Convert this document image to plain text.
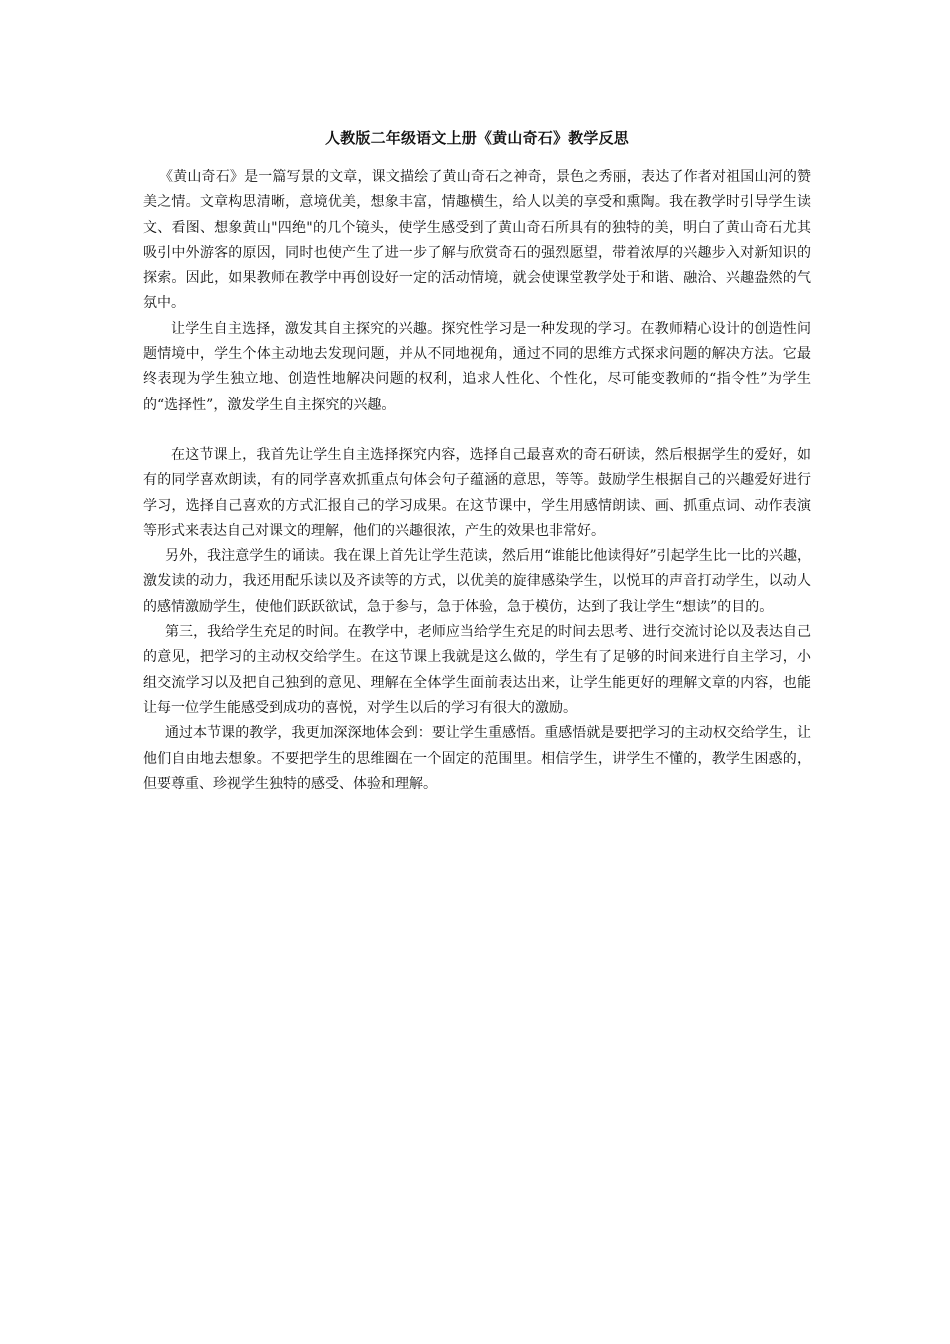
人教版二年级语文上册《黄山奇石》教学反思

《黄山奇石》是一篇写景的文章，课文描绘了黄山奇石之神奇，景色之秀丽，表达了作者对祖国山河的赞美之情。文章构思清晰，意境优美，想象丰富，情趣横生，给人以美的享受和熏陶。我在教学时引导学生读文、看图、想象黄山"四绝"的几个镜头，使学生感受到了黄山奇石所具有的独特的美，明白了黄山奇石尤其吸引中外游客的原因，同时也使产生了进一步了解与欣赏奇石的强烈愿望，带着浓厚的兴趣步入对新知识的探索。因此，如果教师在教学中再创设好一定的活动情境，就会使课堂教学处于和谐、融洽、兴趣盎然的气氛中。

让学生自主选择，激发其自主探究的兴趣。探究性学习是一种发现的学习。在教师精心设计的创造性问题情境中，学生个体主动地去发现问题，并从不同地视角，通过不同的思维方式探求问题的解决方法。它最终表现为学生独立地、创造性地解决问题的权利，追求人性化、个性化，尽可能变教师的“指令性”为学生的“选择性”，激发学生自主探究的兴趣。

在这节课上，我首先让学生自主选择探究内容，选择自己最喜欢的奇石研读，然后根据学生的爱好，如有的同学喜欢朗读，有的同学喜欢抓重点句体会句子蕴涵的意思，等等。鼓励学生根据自己的兴趣爱好进行学习，选择自己喜欢的方式汇报自己的学习成果。在这节课中，学生用感情朗读、画、抓重点词、动作表演等形式来表达自己对课文的理解，他们的兴趣很浓，产生的效果也非常好。

另外，我注意学生的诵读。我在课上首先让学生范读，然后用“谁能比他读得好”引起学生比一比的兴趣，激发读的动力，我还用配乐读以及齐读等的方式，以优美的旋律感染学生，以悦耳的声音打动学生，以动人的感情激励学生，使他们跃跃欲试，急于参与，急于体验，急于模仿，达到了我让学生“想读”的目的。

第三，我给学生充足的时间。在教学中，老师应当给学生充足的时间去思考、进行交流讨论以及表达自己的意见，把学习的主动权交给学生。在这节课上我就是这么做的，学生有了足够的时间来进行自主学习，小组交流学习以及把自己独到的意见、理解在全体学生面前表达出来，让学生能更好的理解文章的内容，也能让每一位学生能感受到成功的喜悦，对学生以后的学习有很大的激励。

通过本节课的教学，我更加深深地体会到：要让学生重感悟。重感悟就是要把学习的主动权交给学生，让他们自由地去想象。不要把学生的思维圈在一个固定的范围里。相信学生，讲学生不懂的，教学生困惑的，但要尊重、珍视学生独特的感受、体验和理解。
